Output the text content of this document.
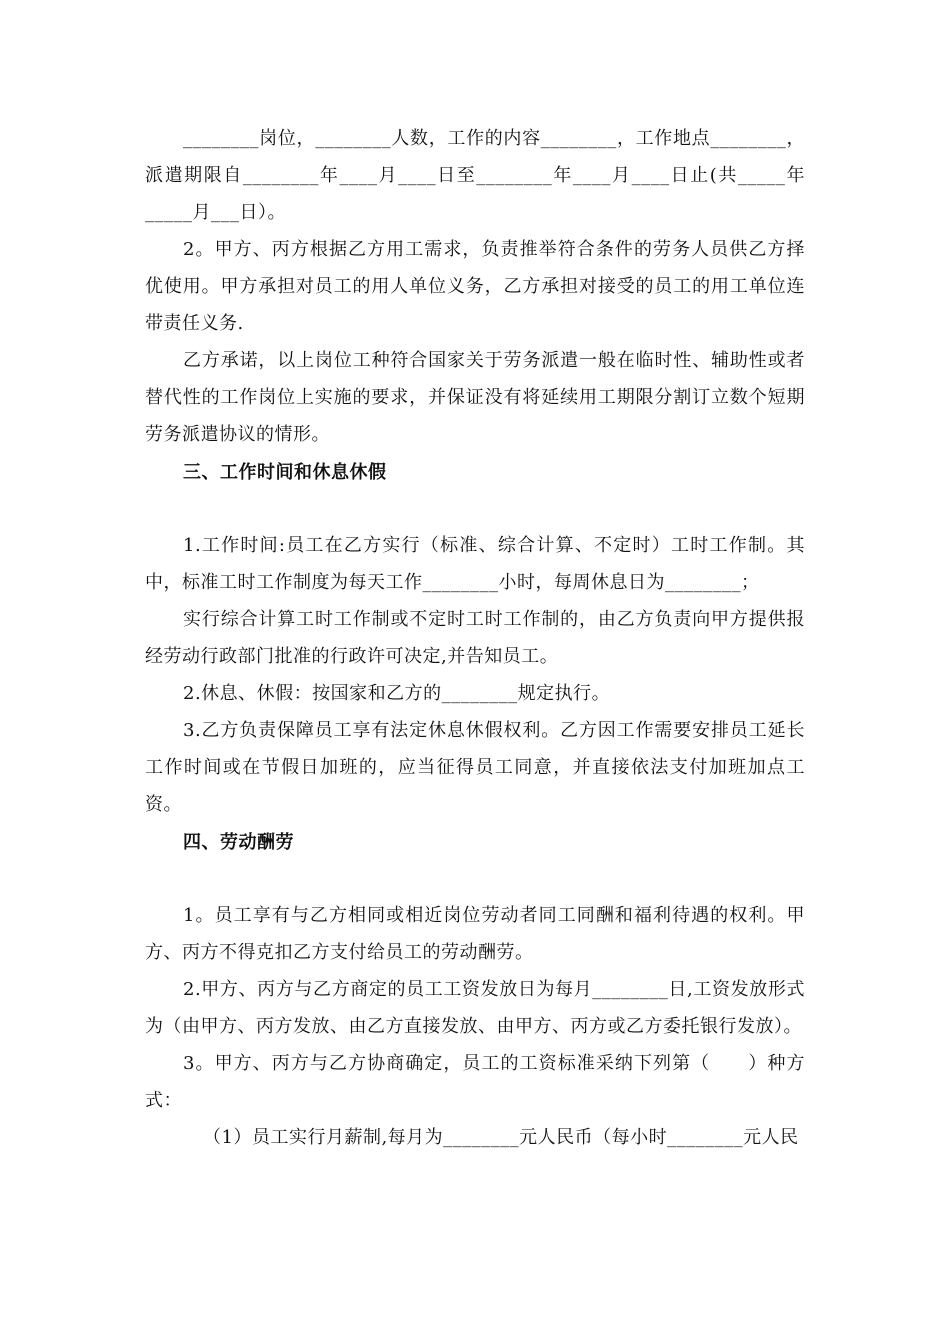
________岗位，________人数，工作的内容________，工作地点________，派遣期限自________年____月____日至________年____月____日止(共_____年_____月___日）。

2。甲方、丙方根据乙方用工需求，负责推举符合条件的劳务人员供乙方择优使用。甲方承担对员工的用人单位义务，乙方承担对接受的员工的用工单位连带责任义务.

乙方承诺，以上岗位工种符合国家关于劳务派遣一般在临时性、辅助性或者替代性的工作岗位上实施的要求，并保证没有将延续用工期限分割订立数个短期劳务派遣协议的情形。

三、工作时间和休息休假

1.工作时间:员工在乙方实行（标准、综合计算、不定时）工时工作制。其中，标准工时工作制度为每天工作________小时，每周休息日为________；

实行综合计算工时工作制或不定时工时工作制的，由乙方负责向甲方提供报经劳动行政部门批准的行政许可决定,并告知员工。

2.休息、休假：按国家和乙方的________规定执行。

3.乙方负责保障员工享有法定休息休假权利。乙方因工作需要安排员工延长工作时间或在节假日加班的，应当征得员工同意，并直接依法支付加班加点工资。

四、劳动酬劳

1。员工享有与乙方相同或相近岗位劳动者同工同酬和福利待遇的权利。甲方、丙方不得克扣乙方支付给员工的劳动酬劳。

2.甲方、丙方与乙方商定的员工工资发放日为每月________日,工资发放形式为（由甲方、丙方发放、由乙方直接发放、由甲方、丙方或乙方委托银行发放）。

3。甲方、丙方与乙方协商确定，员工的工资标准采纳下列第（　　）种方式：

（1）员工实行月薪制,每月为________元人民币（每小时________元人民
